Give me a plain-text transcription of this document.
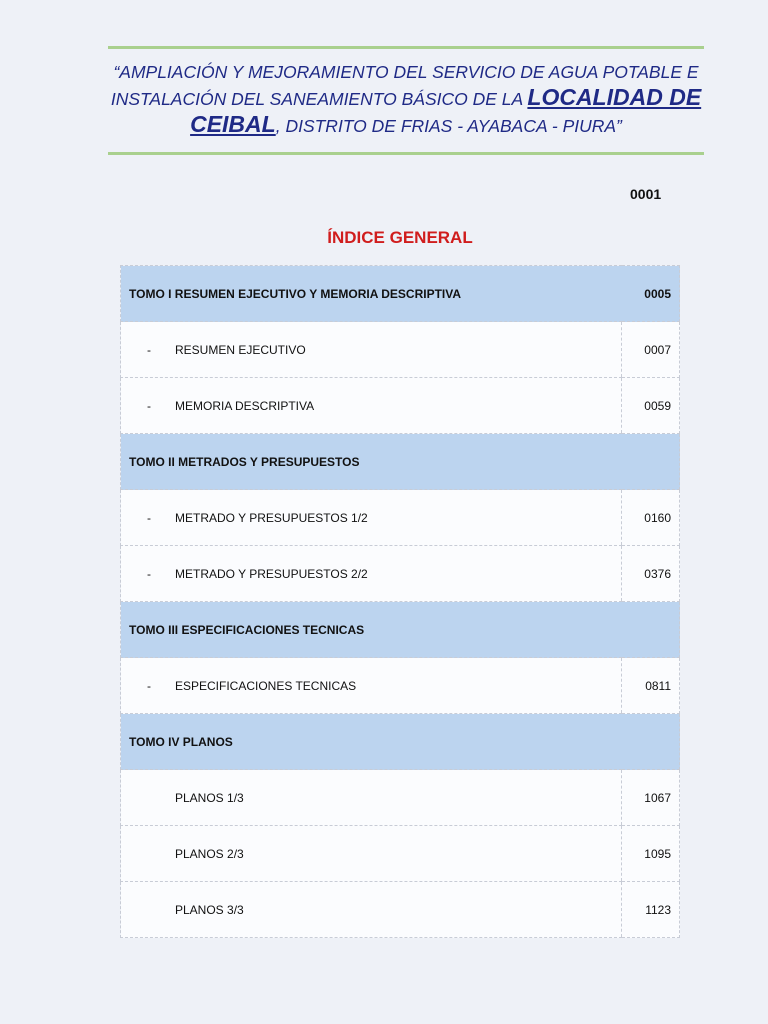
“AMPLIACIÓN Y MEJORAMIENTO DEL SERVICIO DE AGUA POTABLE E
INSTALACIÓN DEL SANEAMIENTO BÁSICO DE LA LOCALIDAD DE
CEIBAL, DISTRITO DE FRIAS - AYABACA - PIURA”
0001
ÍNDICE GENERAL
TOMO I RESUMEN EJECUTIVO Y MEMORIA DESCRIPTIVA	0005
- RESUMEN EJECUTIVO	0007
- MEMORIA DESCRIPTIVA	0059
TOMO II METRADOS Y PRESUPUESTOS	
- METRADO Y PRESUPUESTOS 1/2	0160
- METRADO Y PRESUPUESTOS 2/2	0376
TOMO III ESPECIFICACIONES TECNICAS	
- ESPECIFICACIONES TECNICAS	0811
TOMO IV PLANOS	
PLANOS 1/3	1067
PLANOS 2/3	1095
PLANOS 3/3	1123
